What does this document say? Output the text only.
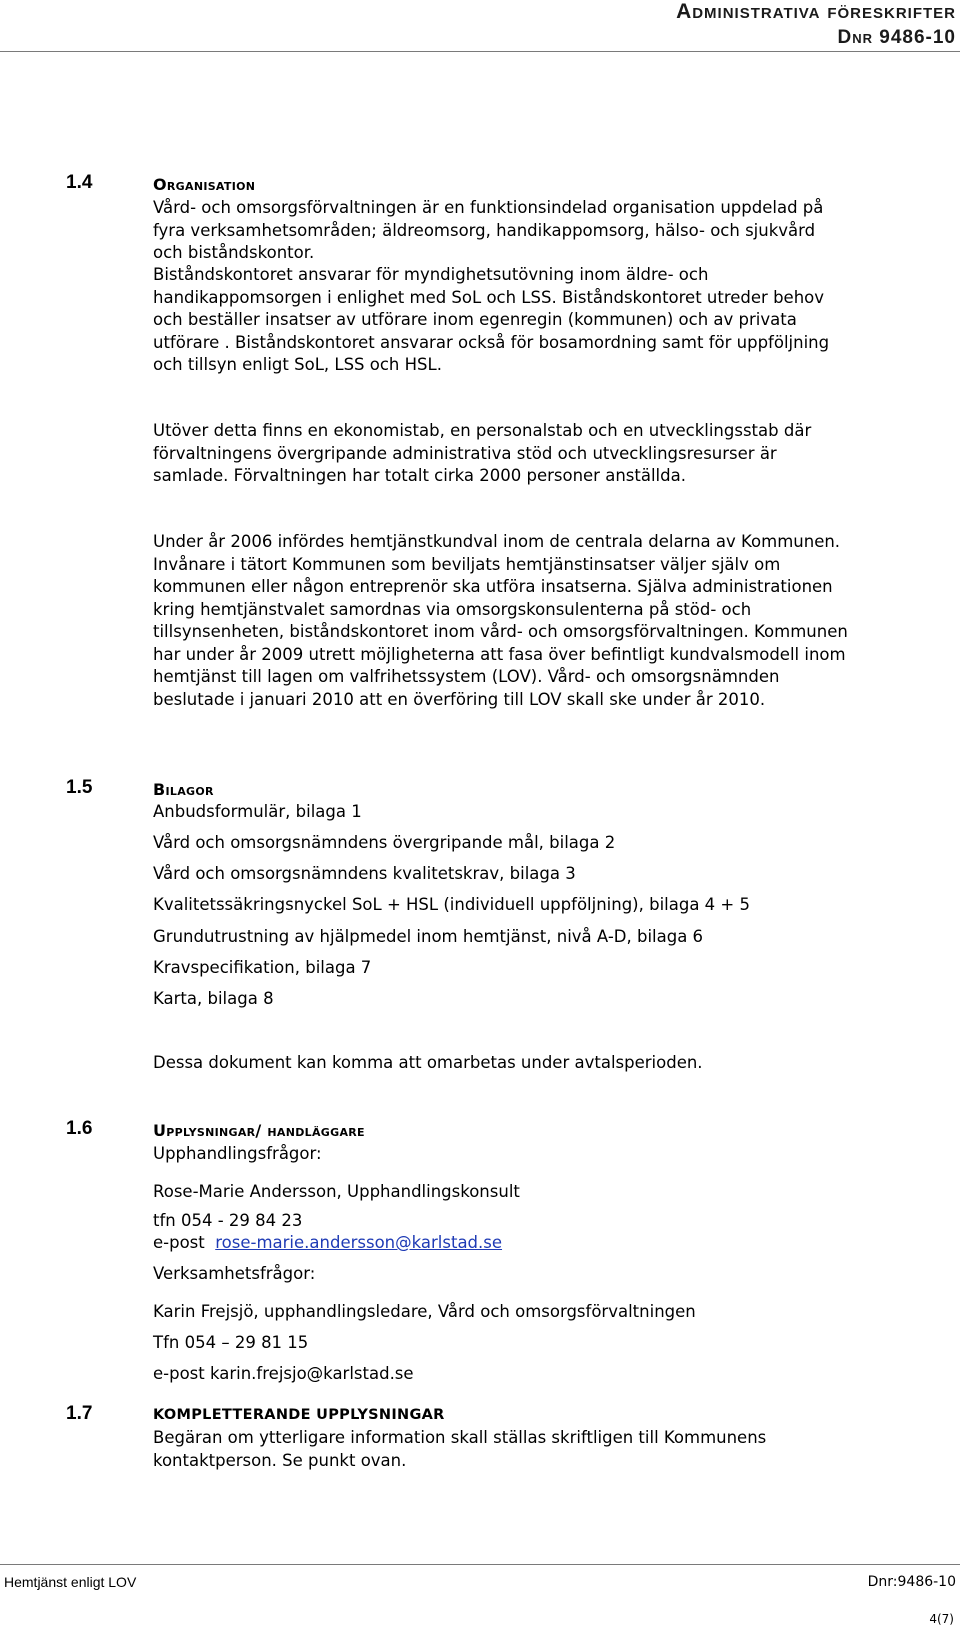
Administrativa föreskrifter
Dnr 9486-10
1.4	Organisation
Vård- och omsorgsförvaltningen är en funktionsindelad organisation uppdelad på
fyra verksamhetsområden; äldreomsorg, handikappomsorg, hälso- och sjukvård
och biståndskontor.
Biståndskontoret ansvarar för myndighetsutövning inom äldre- och
handikappomsorgen i enlighet med SoL och LSS. Biståndskontoret utreder behov
och beställer insatser av utförare inom egenregin (kommunen) och av privata
utförare . Biståndskontoret ansvarar också för bosamordning samt för uppföljning
och tillsyn enligt SoL, LSS och HSL.
Utöver detta finns en ekonomistab, en personalstab och en utvecklingsstab där
förvaltningens övergripande administrativa stöd och utvecklingsresurser är
samlade. Förvaltningen har totalt cirka 2000 personer anställda.
Under år 2006 infördes hemtjänstkundval inom de centrala delarna av Kommunen.
Invånare i tätort Kommunen som beviljats hemtjänstinsatser väljer själv om
kommunen eller någon entreprenör ska utföra insatserna. Själva administrationen
kring hemtjänstvalet samordnas via omsorgskonsulenterna på stöd- och
tillsynsenheten, biståndskontoret inom vård- och omsorgsförvaltningen. Kommunen
har under år 2009 utrett möjligheterna att fasa över befintligt kundvalsmodell inom
hemtjänst till lagen om valfrihetssystem (LOV). Vård- och omsorgsnämnden
beslutade i januari 2010 att en överföring till LOV skall ske under år 2010.
1.5	Bilagor
Anbudsformulär, bilaga 1
Vård och omsorgsnämndens övergripande mål, bilaga 2
Vård och omsorgsnämndens kvalitetskrav, bilaga 3
Kvalitetssäkringsnyckel SoL + HSL (individuell uppföljning), bilaga 4 + 5
Grundutrustning av hjälpmedel inom hemtjänst, nivå A-D, bilaga 6
Kravspecifikation, bilaga 7
Karta, bilaga 8
Dessa dokument kan komma att omarbetas under avtalsperioden.
1.6	Upplysningar/ handläggare
Upphandlingsfrågor:
Rose-Marie Andersson, Upphandlingskonsult
tfn 054 - 29 84 23
e-post rose-marie.andersson@karlstad.se
Verksamhetsfrågor:
Karin Frejsjö, upphandlingsledare, Vård och omsorgsförvaltningen
Tfn 054 – 29 81 15
e-post karin.frejsjo@karlstad.se
1.7	KOMPLETTERANDE UPPLYSNINGAR
Begäran om ytterligare information skall ställas skriftligen till Kommunens
kontaktperson. Se punkt ovan.
Hemtjänst enligt LOV	Dnr:9486-10
4(7)
